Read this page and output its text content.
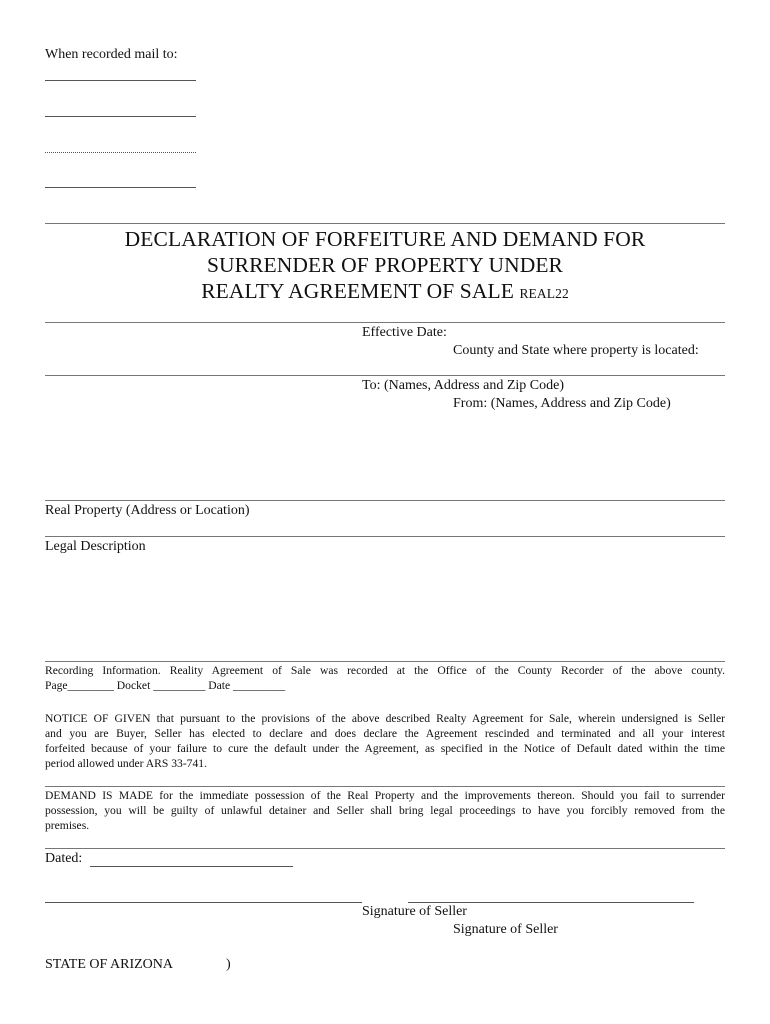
When recorded mail to:
DECLARATION OF FORFEITURE AND DEMAND FOR
SURRENDER OF PROPERTY UNDER
REALTY AGREEMENT OF SALE REAL22
Effective Date:
County and State where property is located:
To: (Names, Address and Zip Code)
From: (Names, Address and Zip Code)
Real Property (Address or Location)
Legal Description
Recording Information. Reality Agreement of Sale was recorded at the Office of the County Recorder of the above county.
Page________ Docket _________ Date _________
NOTICE OF GIVEN that pursuant to the provisions of the above described Realty Agreement for Sale, wherein undersigned is Seller
and you are Buyer, Seller has elected to declare and does declare the Agreement rescinded and terminated and all your interest
forfeited because of your failure to cure the default under the Agreement, as specified in the Notice of Default dated within the time
period allowed under ARS 33-741.
DEMAND IS MADE for the immediate possession of the Real Property and the improvements thereon. Should you fail to surrender
possession, you will be guilty of unlawful detainer and Seller shall bring legal proceedings to have you forcibly removed from the
premises.
Dated:
Signature of Seller
Signature of Seller
STATE OF ARIZONA	)
